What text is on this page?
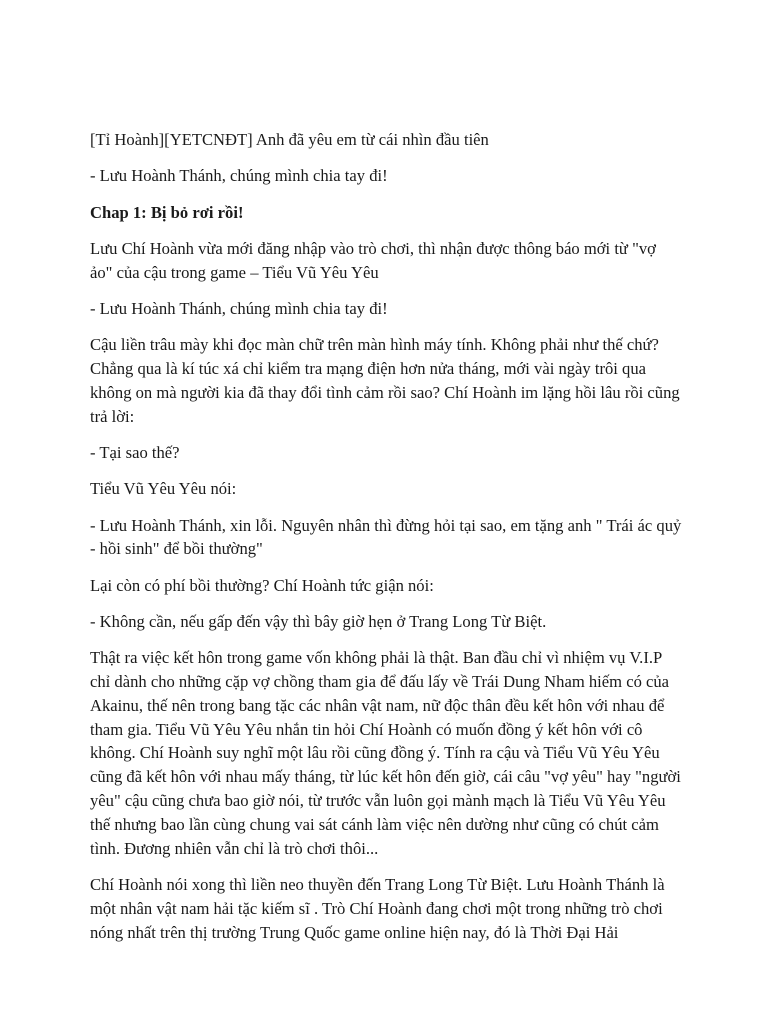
[Tỉ Hoành][YETCNĐT] Anh đã yêu em từ cái nhìn đầu tiên

- Lưu Hoành Thánh, chúng mình chia tay đi!

Chap 1: Bị bỏ rơi rồi!

Lưu Chí Hoành vừa mới đăng nhập vào trò chơi, thì nhận được thông báo mới từ "vợ ảo" của cậu trong game – Tiểu Vũ Yêu Yêu

- Lưu Hoành Thánh, chúng mình chia tay đi!

Cậu liền trâu mày khi đọc màn chữ trên màn hình máy tính. Không phải như thế chứ? Chẳng qua là kí túc xá chỉ kiểm tra mạng điện hơn nửa tháng, mới vài ngày trôi qua không on mà người kia đã thay đổi tình cảm rồi sao? Chí Hoành im lặng hồi lâu rồi cũng trả lời:

- Tại sao thế?

Tiểu Vũ Yêu Yêu nói:

- Lưu Hoành Thánh, xin lỗi. Nguyên nhân thì đừng hỏi tại sao, em tặng anh " Trái ác quỷ - hồi sinh" để bồi thường"

Lại còn có phí bồi thường? Chí Hoành tức giận nói:

- Không cần, nếu gấp đến vậy thì bây giờ hẹn ở Trang Long Từ Biệt.

Thật ra việc kết hôn trong game vốn không phải là thật. Ban đầu chỉ vì nhiệm vụ V.I.P chỉ dành cho những cặp vợ chồng tham gia để đấu lấy về Trái Dung Nham hiếm có của Akainu, thế nên trong bang tặc các nhân vật nam, nữ độc thân đều kết hôn với nhau để tham gia. Tiểu Vũ Yêu Yêu nhắn tin hỏi Chí Hoành có muốn đồng ý kết hôn với cô không. Chí Hoành suy nghĩ một lâu rồi cũng đồng ý. Tính ra cậu và Tiểu Vũ Yêu Yêu cũng đã kết hôn với nhau mấy tháng, từ lúc kết hôn đến giờ, cái câu "vợ yêu" hay "người yêu" cậu cũng chưa bao giờ nói, từ trước vẫn luôn gọi mành mạch là Tiểu Vũ Yêu Yêu thế nhưng bao lần cùng chung vai sát cánh làm việc nên dường như cũng có chút cảm tình. Đương nhiên vẫn chỉ là trò chơi thôi...

Chí Hoành nói xong thì liền neo thuyền đến Trang Long Từ Biệt. Lưu Hoành Thánh là một nhân vật nam hải tặc kiếm sĩ . Trò Chí Hoành đang chơi một trong những trò chơi nóng nhất trên thị trường Trung Quốc game online hiện nay, đó là Thời Đại Hải
